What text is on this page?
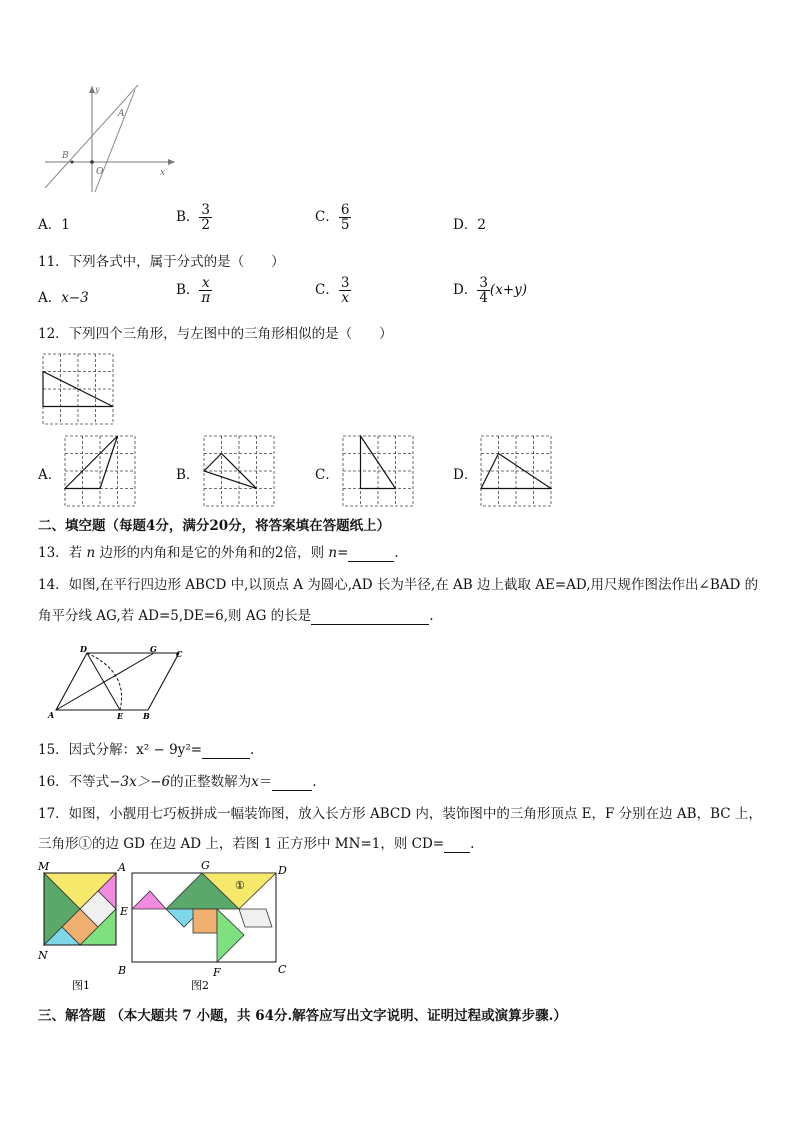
B
A
O	x
y
A．1	B． $\frac{3}{2}$	C． $\frac{6}{5}$	D．2
11．下列各式中，属于分式的是（　　）
A．x−3	B． $\frac{x}{\pi}$	C． $\frac{3}{x}$	D． $\frac{3}{4} (x+y)$
12．下列四个三角形，与左图中的三角形相似的是（　　）
A．	B．	C．	D．
二、填空题（每题4分，满分20分，将答案填在答题纸上）
13．若 n 边形的内角和是它的外角和的2倍，则 n=	.
14．如图,在平行四边形 ABCD 中,以顶点 A 为圆心,AD 长为半径,在 AB 边上截取 AE=AD,用尺规作图法作出∠BAD 的
角平分线 AG,若 AD=5,DE=6,则 AG 的长是	.
D	G C
A	E B
15．因式分解：x² − 9y²=	.
16．不等式−3x＞−6的正整数解为x＝	.
17．如图，小靓用七巧板拼成一幅装饰图，放入长方形 ABCD 内，装饰图中的三角形顶点 E，F 分别在边 AB，BC 上，
三角形①的边 GD 在边 AD 上，若图 1 正方形中 MN=1，则 CD= .
M
N
A
B
图1
①
G	D
E
F	C
图2
三、解答题 （本大题共 7 小题，共 64分.解答应写出文字说明、证明过程或演算步骤.）
